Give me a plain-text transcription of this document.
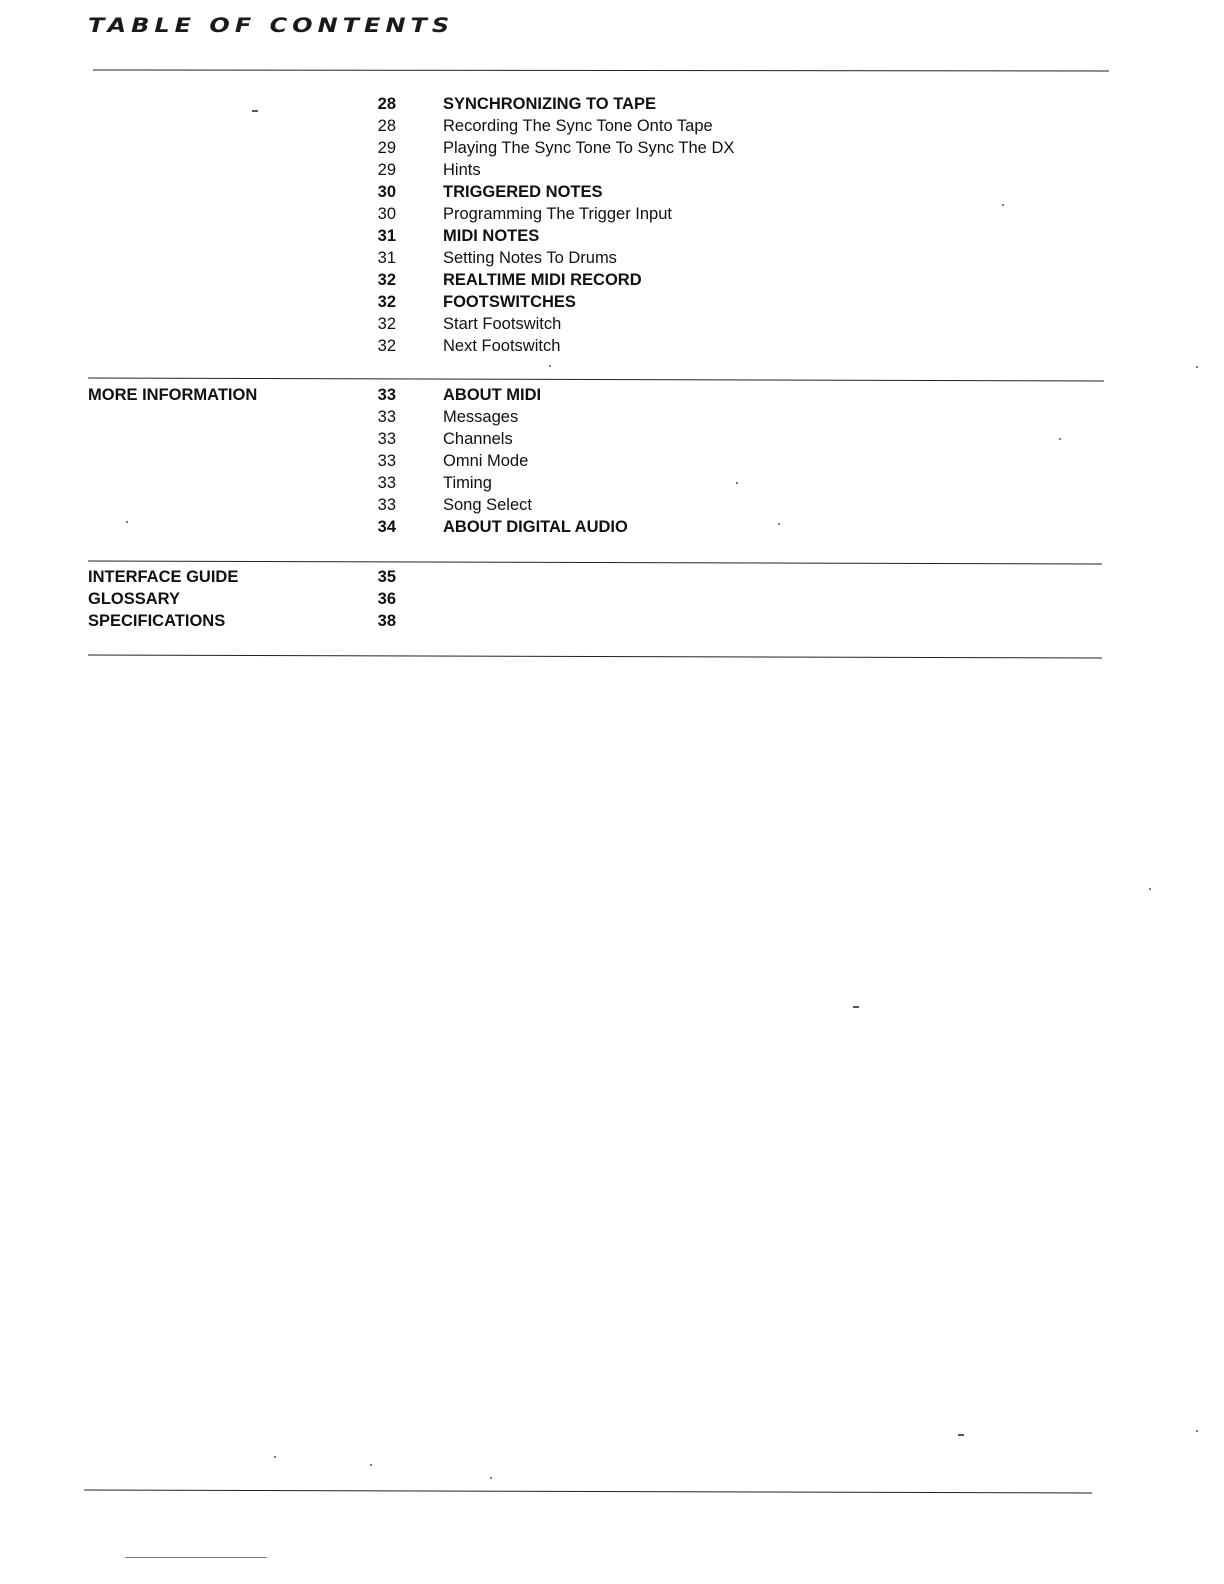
TABLE OF CONTENTS
28	SYNCHRONIZING TO TAPE
28	Recording The Sync Tone Onto Tape
29	Playing The Sync Tone To Sync The DX
29	Hints
30	TRIGGERED NOTES
30	Programming The Trigger Input
31	MIDI NOTES
31	Setting Notes To Drums
32	REALTIME MIDI RECORD
32	FOOTSWITCHES
32	Start Footswitch
32	Next Footswitch
MORE INFORMATION	33	ABOUT MIDI
33	Messages
33	Channels
33	Omni Mode
33	Timing
33	Song Select
34	ABOUT DIGITAL AUDIO
INTERFACE GUIDE	35
GLOSSARY	36
SPECIFICATIONS	38
